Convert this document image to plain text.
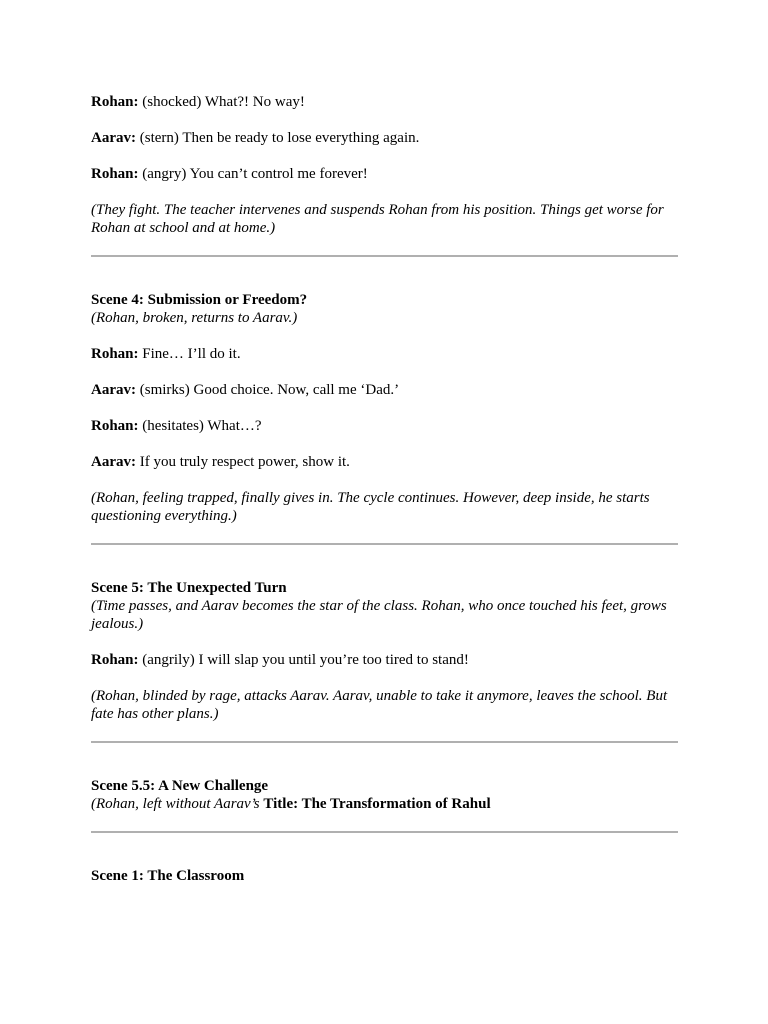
Rohan: (shocked) What?! No way!

Aarav: (stern) Then be ready to lose everything again.

Rohan: (angry) You can’t control me forever!

(They fight. The teacher intervenes and suspends Rohan from his position. Things get worse for Rohan at school and at home.)

Scene 4: Submission or Freedom?

(Rohan, broken, returns to Aarav.)

Rohan: Fine… I’ll do it.

Aarav: (smirks) Good choice. Now, call me ‘Dad.’

Rohan: (hesitates) What…?

Aarav: If you truly respect power, show it.

(Rohan, feeling trapped, finally gives in. The cycle continues. However, deep inside, he starts questioning everything.)

Scene 5: The Unexpected Turn

(Time passes, and Aarav becomes the star of the class. Rohan, who once touched his feet, grows jealous.)

Rohan: (angrily) I will slap you until you’re too tired to stand!

(Rohan, blinded by rage, attacks Aarav. Aarav, unable to take it anymore, leaves the school. But fate has other plans.)

Scene 5.5: A New Challenge

(Rohan, left without Aarav’s Title: The Transformation of Rahul

Scene 1: The Classroom
